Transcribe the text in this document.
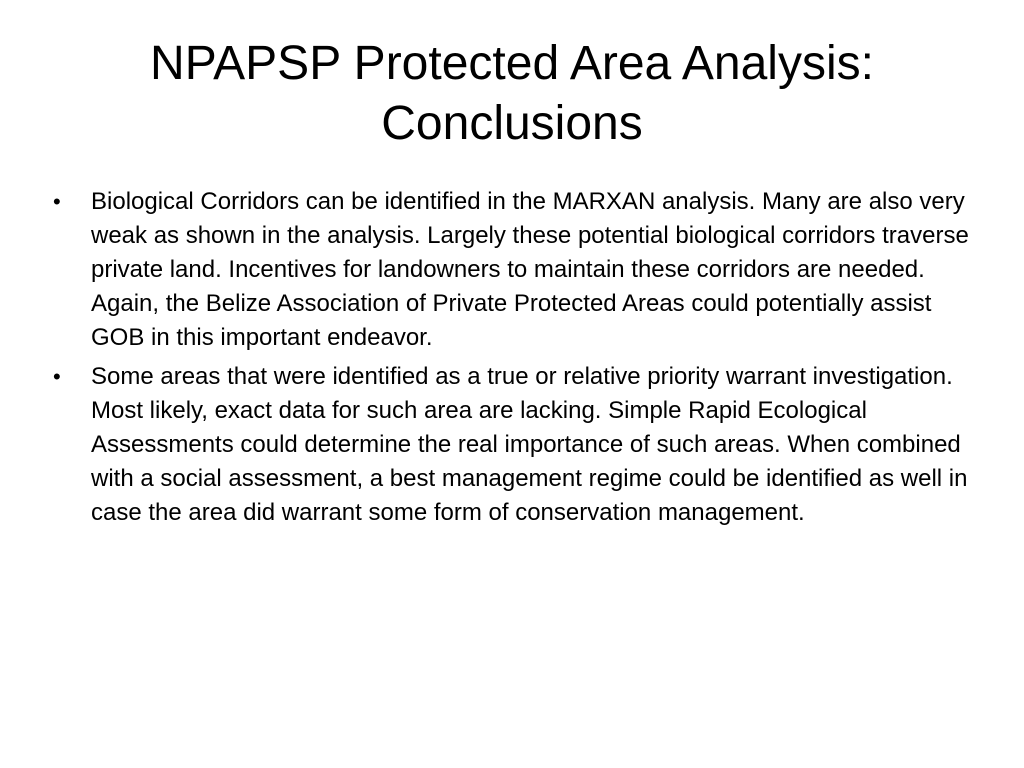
NPAPSP Protected Area Analysis: Conclusions
•	Biological Corridors can be identified in the MARXAN analysis. Many are also very weak as shown in the analysis. Largely these potential biological corridors traverse private land. Incentives for landowners to maintain these corridors are needed. Again, the Belize Association of Private Protected Areas could potentially assist GOB in this important endeavor.

•	Some areas that were identified as a true or relative priority warrant investigation. Most likely, exact data for such area are lacking. Simple Rapid Ecological Assessments could determine the real importance of such areas. When combined with a social assessment, a best management regime could be identified as well in case the area did warrant some form of conservation management.
